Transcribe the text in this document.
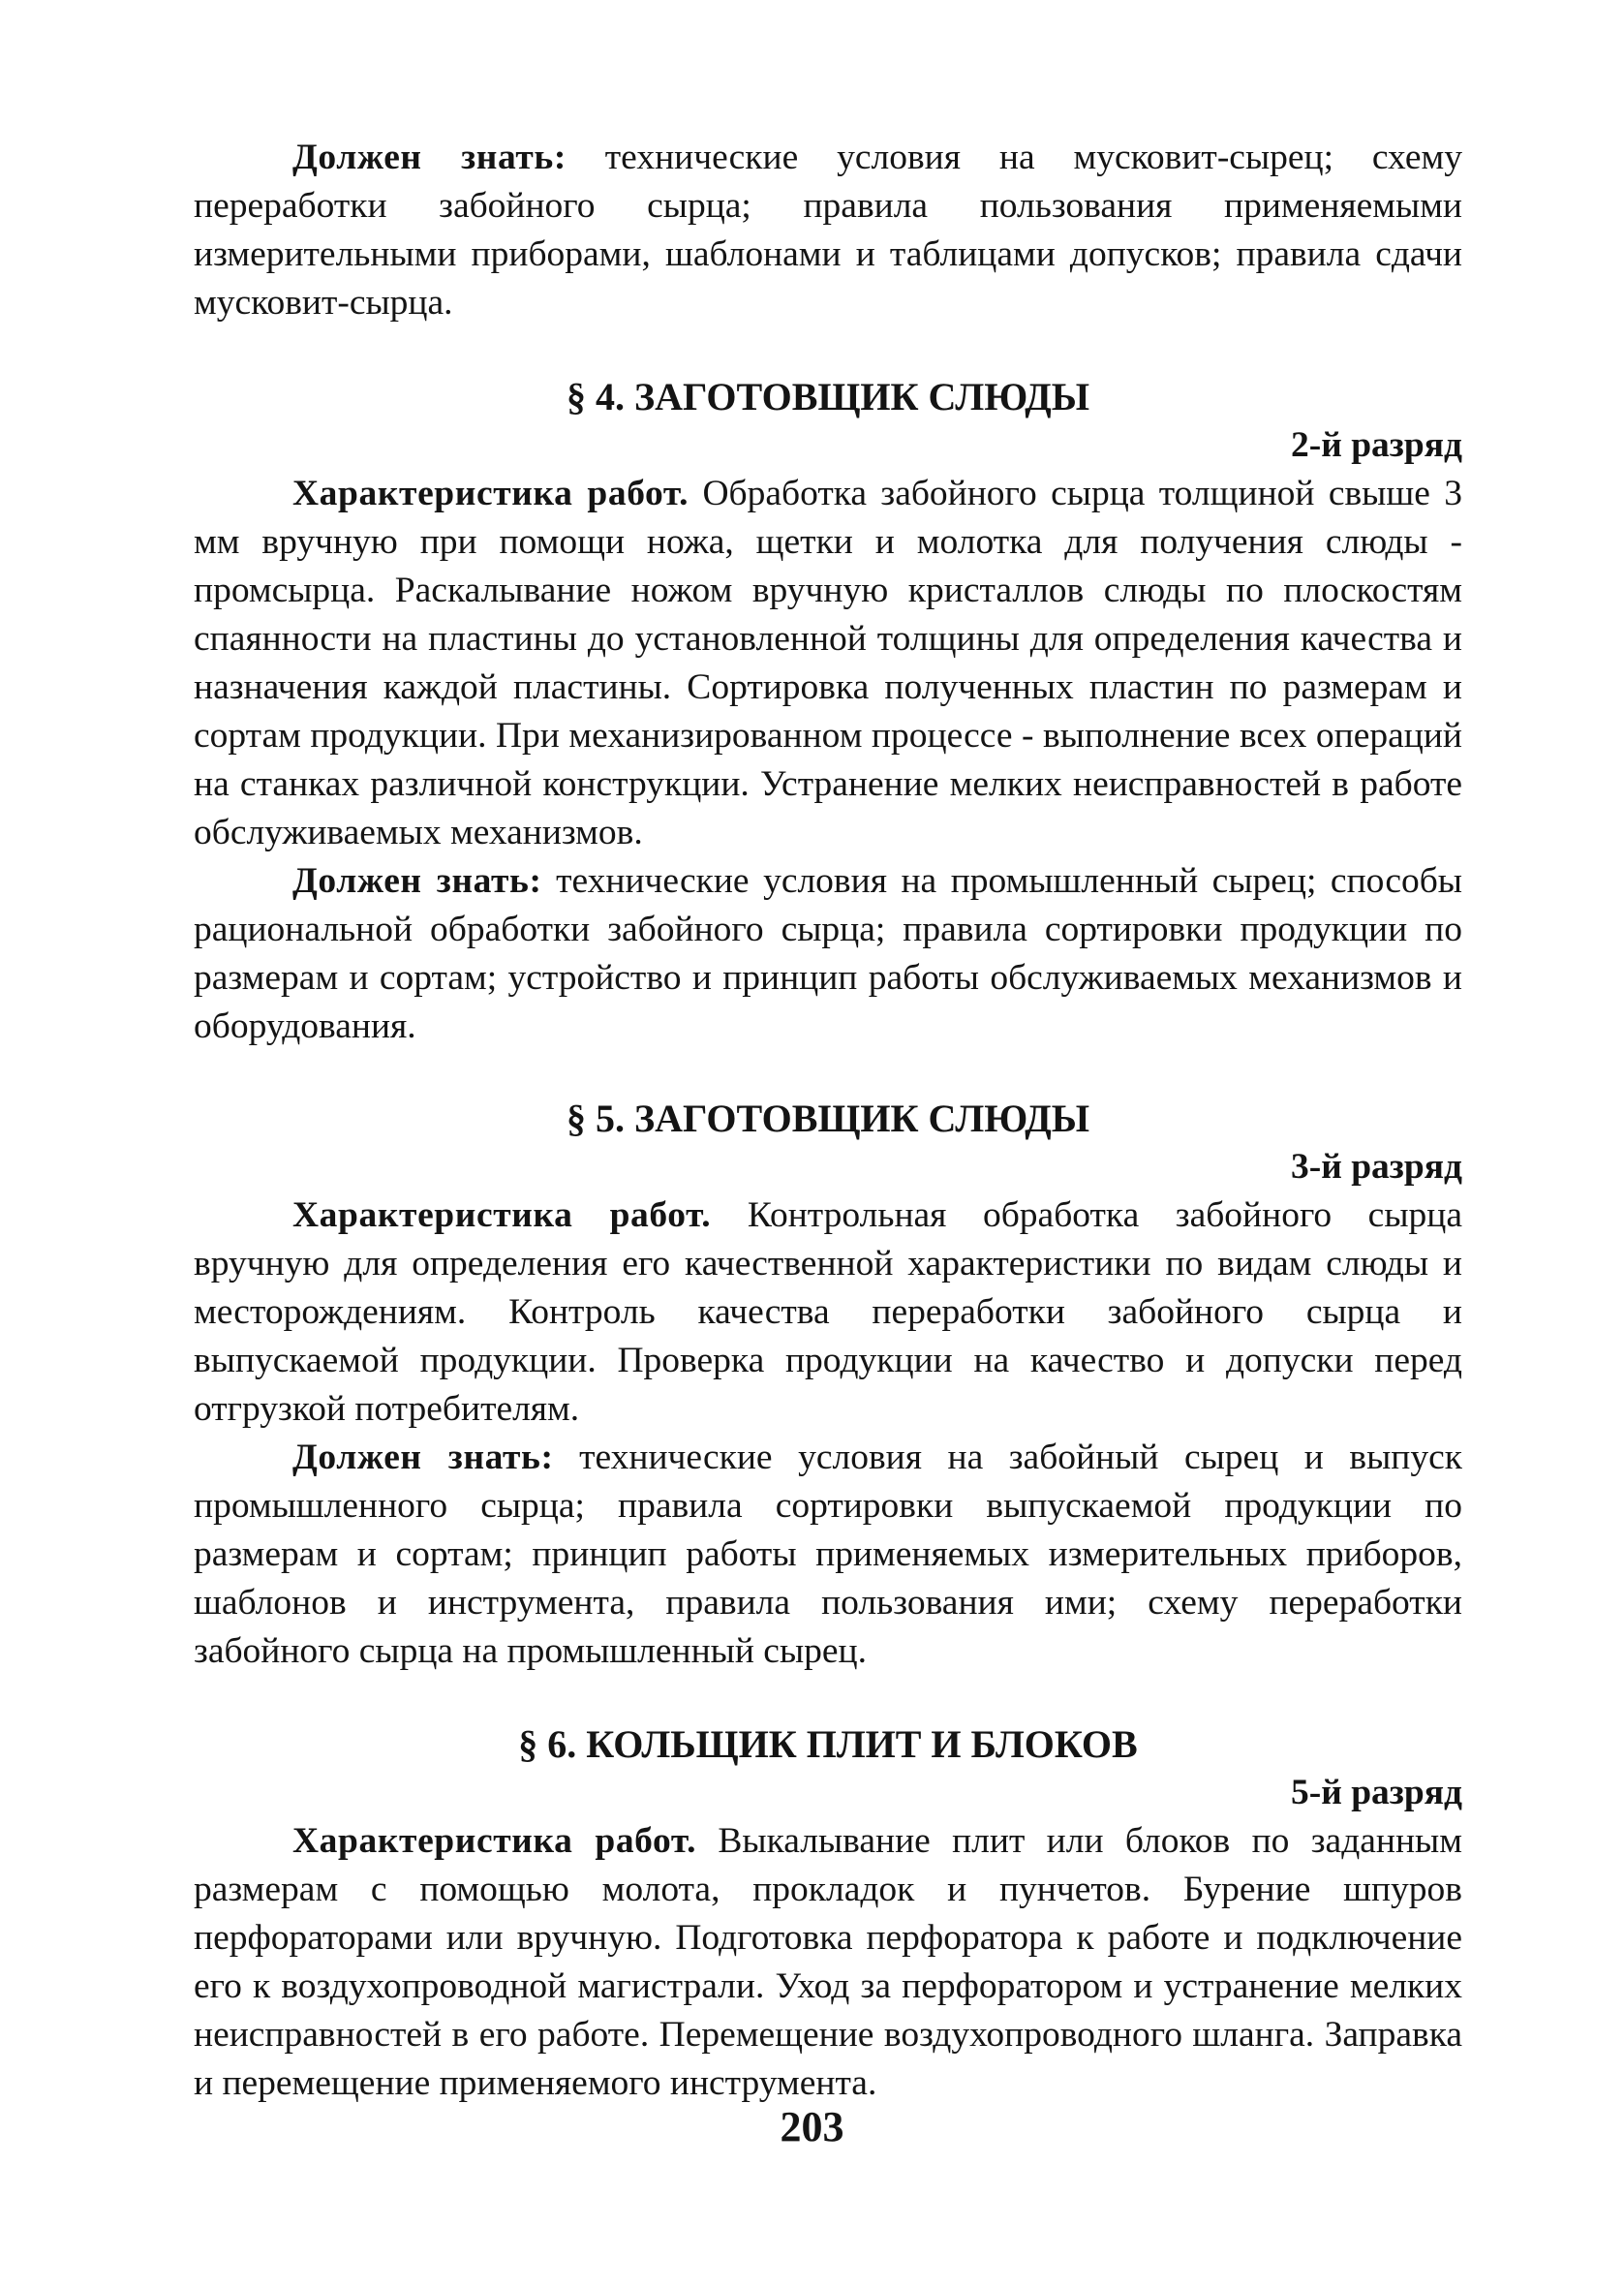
Должен знать: технические условия на мусковит-сырец; схему переработки забойного сырца; правила пользования применяемыми измерительными приборами, шаблонами и таблицами допусков; правила сдачи мусковит-сырца.

§ 4. ЗАГОТОВЩИК СЛЮДЫ
2-й разряд

Характеристика работ. Обработка забойного сырца толщиной свыше 3 мм вручную при помощи ножа, щетки и молотка для получения слюды - промсырца. Раскалывание ножом вручную кристаллов слюды по плоскостям спаянности на пластины до установленной толщины для определения качества и назначения каждой пластины. Сортировка полученных пластин по размерам и сортам продукции. При механизированном процессе - выполнение всех операций на станках различной конструкции. Устранение мелких неисправностей в работе обслуживаемых механизмов.

Должен знать: технические условия на промышленный сырец; способы рациональной обработки забойного сырца; правила сортировки продукции по размерам и сортам; устройство и принцип работы обслуживаемых механизмов и оборудования.

§ 5. ЗАГОТОВЩИК СЛЮДЫ
3-й разряд

Характеристика работ. Контрольная обработка забойного сырца вручную для определения его качественной характеристики по видам слюды и месторождениям. Контроль качества переработки забойного сырца и выпускаемой продукции. Проверка продукции на качество и допуски перед отгрузкой потребителям.

Должен знать: технические условия на забойный сырец и выпуск промышленного сырца; правила сортировки выпускаемой продукции по размерам и сортам; принцип работы применяемых измерительных приборов, шаблонов и инструмента, правила пользования ими; схему переработки забойного сырца на промышленный сырец.

§ 6. КОЛЬЩИК ПЛИТ И БЛОКОВ
5-й разряд

Характеристика работ. Выкалывание плит или блоков по заданным размерам с помощью молота, прокладок и пунчетов. Бурение шпуров перфораторами или вручную. Подготовка перфоратора к работе и подключение его к воздухопроводной магистрали. Уход за перфоратором и устранение мелких неисправностей в его работе. Перемещение воздухопроводного шланга. Заправка и перемещение применяемого инструмента.

203
